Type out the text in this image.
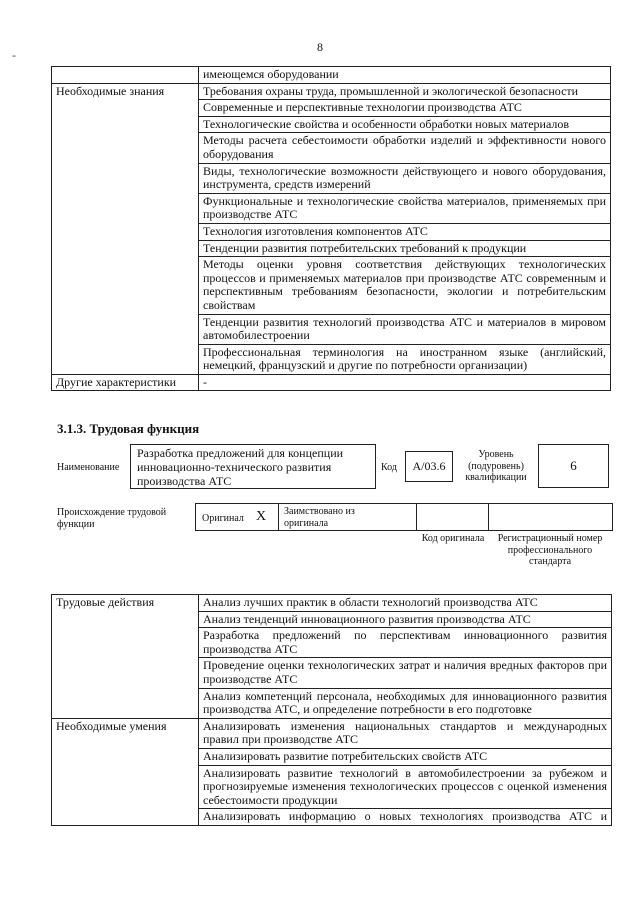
-
8
	имеющемся оборудовании
Необходимые знания	Требования охраны труда, промышленной и экологической безопасности
	Современные и перспективные технологии производства АТС
	Технологические свойства и особенности обработки новых материалов
	Методы расчета себестоимости обработки изделий и эффективности нового оборудования
	Виды, технологические возможности действующего и нового оборудования, инструмента, средств измерений
	Функциональные и технологические свойства материалов, применяемых при производстве АТС
	Технология изготовления компонентов АТС
	Тенденции развития потребительских требований к продукции
	Методы оценки уровня соответствия действующих технологических процессов и применяемых материалов при производстве АТС современным и перспективным требованиям безопасности, экологии и потребительским свойствам
	Тенденции развития технологий производства АТС и материалов в мировом автомобилестроении
	Профессиональная терминология на иностранном языке (английский, немецкий, французский и другие по потребности организации)
Другие характеристики	-
3.1.3. Трудовая функция
Наименование
Разработка предложений для концепции инновационно-технического развития производства АТС
Код	A/03.6
Уровень (подуровень) квалификации
6
Происхождение трудовой функции	Оригинал X Заимствовано из оригинала
Код оригинала	Регистрационный номер профессионального стандарта
Трудовые действия	Анализ лучших практик в области технологий производства АТС
	Анализ тенденций инновационного развития производства АТС
	Разработка предложений по перспективам инновационного развития производства АТС
	Проведение оценки технологических затрат и наличия вредных факторов при производстве АТС
	Анализ компетенций персонала, необходимых для инновационного развития производства АТС, и определение потребности в его подготовке
Необходимые умения	Анализировать изменения национальных стандартов и международных правил при производстве АТС
	Анализировать развитие потребительских свойств АТС
	Анализировать развитие технологий в автомобилестроении за рубежом и прогнозируемые изменения технологических процессов с оценкой изменения себестоимости продукции
	Анализировать информацию о новых технологиях производства АТС и
